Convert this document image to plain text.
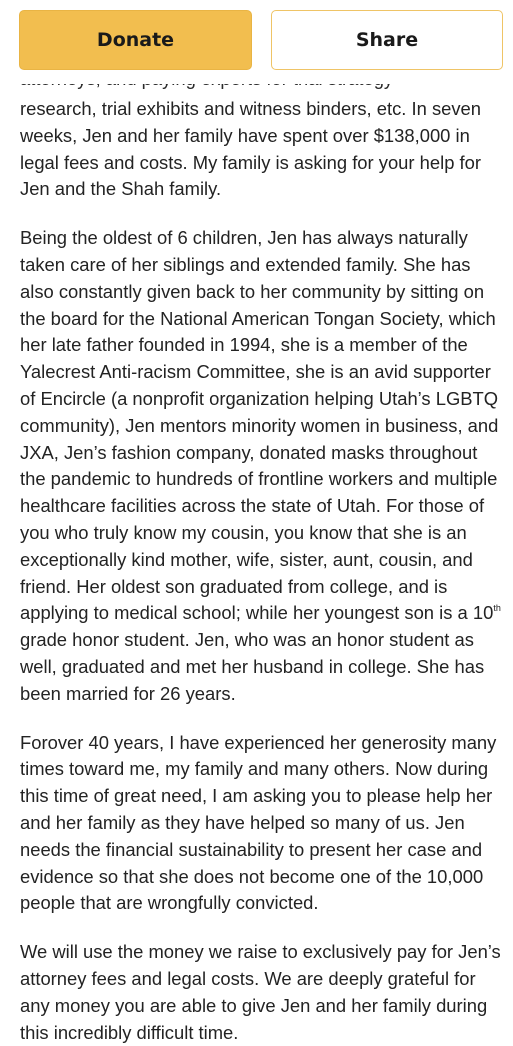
Donate	Share

research, trial exhibits and witness binders, etc. In seven
weeks, Jen and her family have spent over $138,000 in
legal fees and costs. My family is asking for your help for
Jen and the Shah family.

Being the oldest of 6 children, Jen has always naturally
taken care of her siblings and extended family. She has
also constantly given back to her community by sitting on
the board for the National American Tongan Society, which
her late father founded in 1994, she is a member of the
Yalecrest Anti-racism Committee, she is an avid supporter
of Encircle (a nonprofit organization helping Utah’s LGBTQ
community), Jen mentors minority women in business, and
JXA, Jen’s fashion company, donated masks throughout
the pandemic to hundreds of frontline workers and multiple
healthcare facilities across the state of Utah. For those of
you who truly know my cousin, you know that she is an
exceptionally kind mother, wife, sister, aunt, cousin, and
friend. Her oldest son graduated from college, and is
applying to medical school; while her youngest son is a 10th
grade honor student. Jen, who was an honor student as
well, graduated and met her husband in college. She has
been married for 26 years.

Forover 40 years, I have experienced her generosity many
times toward me, my family and many others. Now during
this time of great need, I am asking you to please help her
and her family as they have helped so many of us. Jen
needs the financial sustainability to present her case and
evidence so that she does not become one of the 10,000
people that are wrongfully convicted.

We will use the money we raise to exclusively pay for Jen’s
attorney fees and legal costs. We are deeply grateful for
any money you are able to give Jen and her family during
this incredibly difficult time.
